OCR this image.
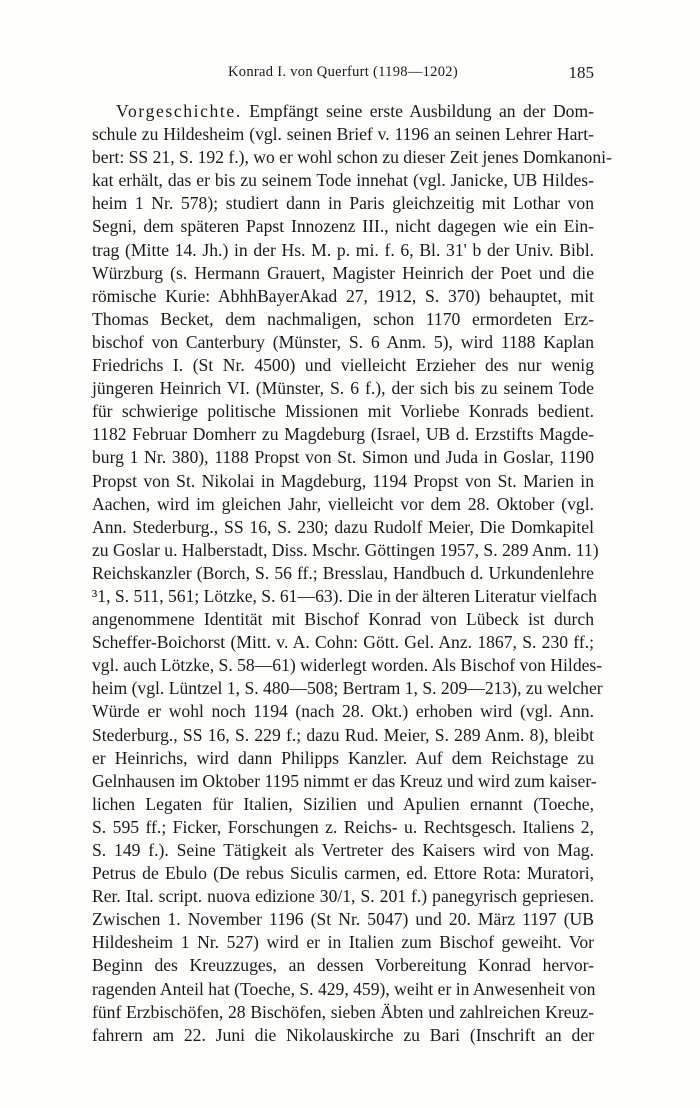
Konrad I. von Querfurt (1198—1202)	185
Vorgeschichte. Empfängt seine erste Ausbildung an der Dom-
schule zu Hildesheim (vgl. seinen Brief v. 1196 an seinen Lehrer Hart-
bert: SS 21, S. 192 f.), wo er wohl schon zu dieser Zeit jenes Domkanoni-
kat erhält, das er bis zu seinem Tode innehat (vgl. Janicke, UB Hildes-
heim 1 Nr. 578); studiert dann in Paris gleichzeitig mit Lothar von
Segni, dem späteren Papst Innozenz III., nicht dagegen wie ein Ein-
trag (Mitte 14. Jh.) in der Hs. M. p. mi. f. 6, Bl. 31' b der Univ. Bibl.
Würzburg (s. Hermann Grauert, Magister Heinrich der Poet und die
römische Kurie: AbhhBayerAkad 27, 1912, S. 370) behauptet, mit
Thomas Becket, dem nachmaligen, schon 1170 ermordeten Erz-
bischof von Canterbury (Münster, S. 6 Anm. 5), wird 1188 Kaplan
Friedrichs I. (St Nr. 4500) und vielleicht Erzieher des nur wenig
jüngeren Heinrich VI. (Münster, S. 6 f.), der sich bis zu seinem Tode
für schwierige politische Missionen mit Vorliebe Konrads bedient.
1182 Februar Domherr zu Magdeburg (Israel, UB d. Erzstifts Magde-
burg 1 Nr. 380), 1188 Propst von St. Simon und Juda in Goslar, 1190
Propst von St. Nikolai in Magdeburg, 1194 Propst von St. Marien in
Aachen, wird im gleichen Jahr, vielleicht vor dem 28. Oktober (vgl.
Ann. Stederburg., SS 16, S. 230; dazu Rudolf Meier, Die Domkapitel
zu Goslar u. Halberstadt, Diss. Mschr. Göttingen 1957, S. 289 Anm. 11)
Reichskanzler (Borch, S. 56 ff.; Bresslau, Handbuch d. Urkundenlehre
³1, S. 511, 561; Lötzke, S. 61—63). Die in der älteren Literatur vielfach
angenommene Identität mit Bischof Konrad von Lübeck ist durch
Scheffer-Boichorst (Mitt. v. A. Cohn: Gött. Gel. Anz. 1867, S. 230 ff.;
vgl. auch Lötzke, S. 58—61) widerlegt worden. Als Bischof von Hildes-
heim (vgl. Lüntzel 1, S. 480—508; Bertram 1, S. 209—213), zu welcher
Würde er wohl noch 1194 (nach 28. Okt.) erhoben wird (vgl. Ann.
Stederburg., SS 16, S. 229 f.; dazu Rud. Meier, S. 289 Anm. 8), bleibt
er Heinrichs, wird dann Philipps Kanzler. Auf dem Reichstage zu
Gelnhausen im Oktober 1195 nimmt er das Kreuz und wird zum kaiser-
lichen Legaten für Italien, Sizilien und Apulien ernannt (Toeche,
S. 595 ff.; Ficker, Forschungen z. Reichs- u. Rechtsgesch. Italiens 2,
S. 149 f.). Seine Tätigkeit als Vertreter des Kaisers wird von Mag.
Petrus de Ebulo (De rebus Siculis carmen, ed. Ettore Rota: Muratori,
Rer. Ital. script. nuova edizione 30/1, S. 201 f.) panegyrisch gepriesen.
Zwischen 1. November 1196 (St Nr. 5047) und 20. März 1197 (UB
Hildesheim 1 Nr. 527) wird er in Italien zum Bischof geweiht. Vor
Beginn des Kreuzzuges, an dessen Vorbereitung Konrad hervor-
ragenden Anteil hat (Toeche, S. 429, 459), weiht er in Anwesenheit von
fünf Erzbischöfen, 28 Bischöfen, sieben Äbten und zahlreichen Kreuz-
fahrern am 22. Juni die Nikolauskirche zu Bari (Inschrift an der
